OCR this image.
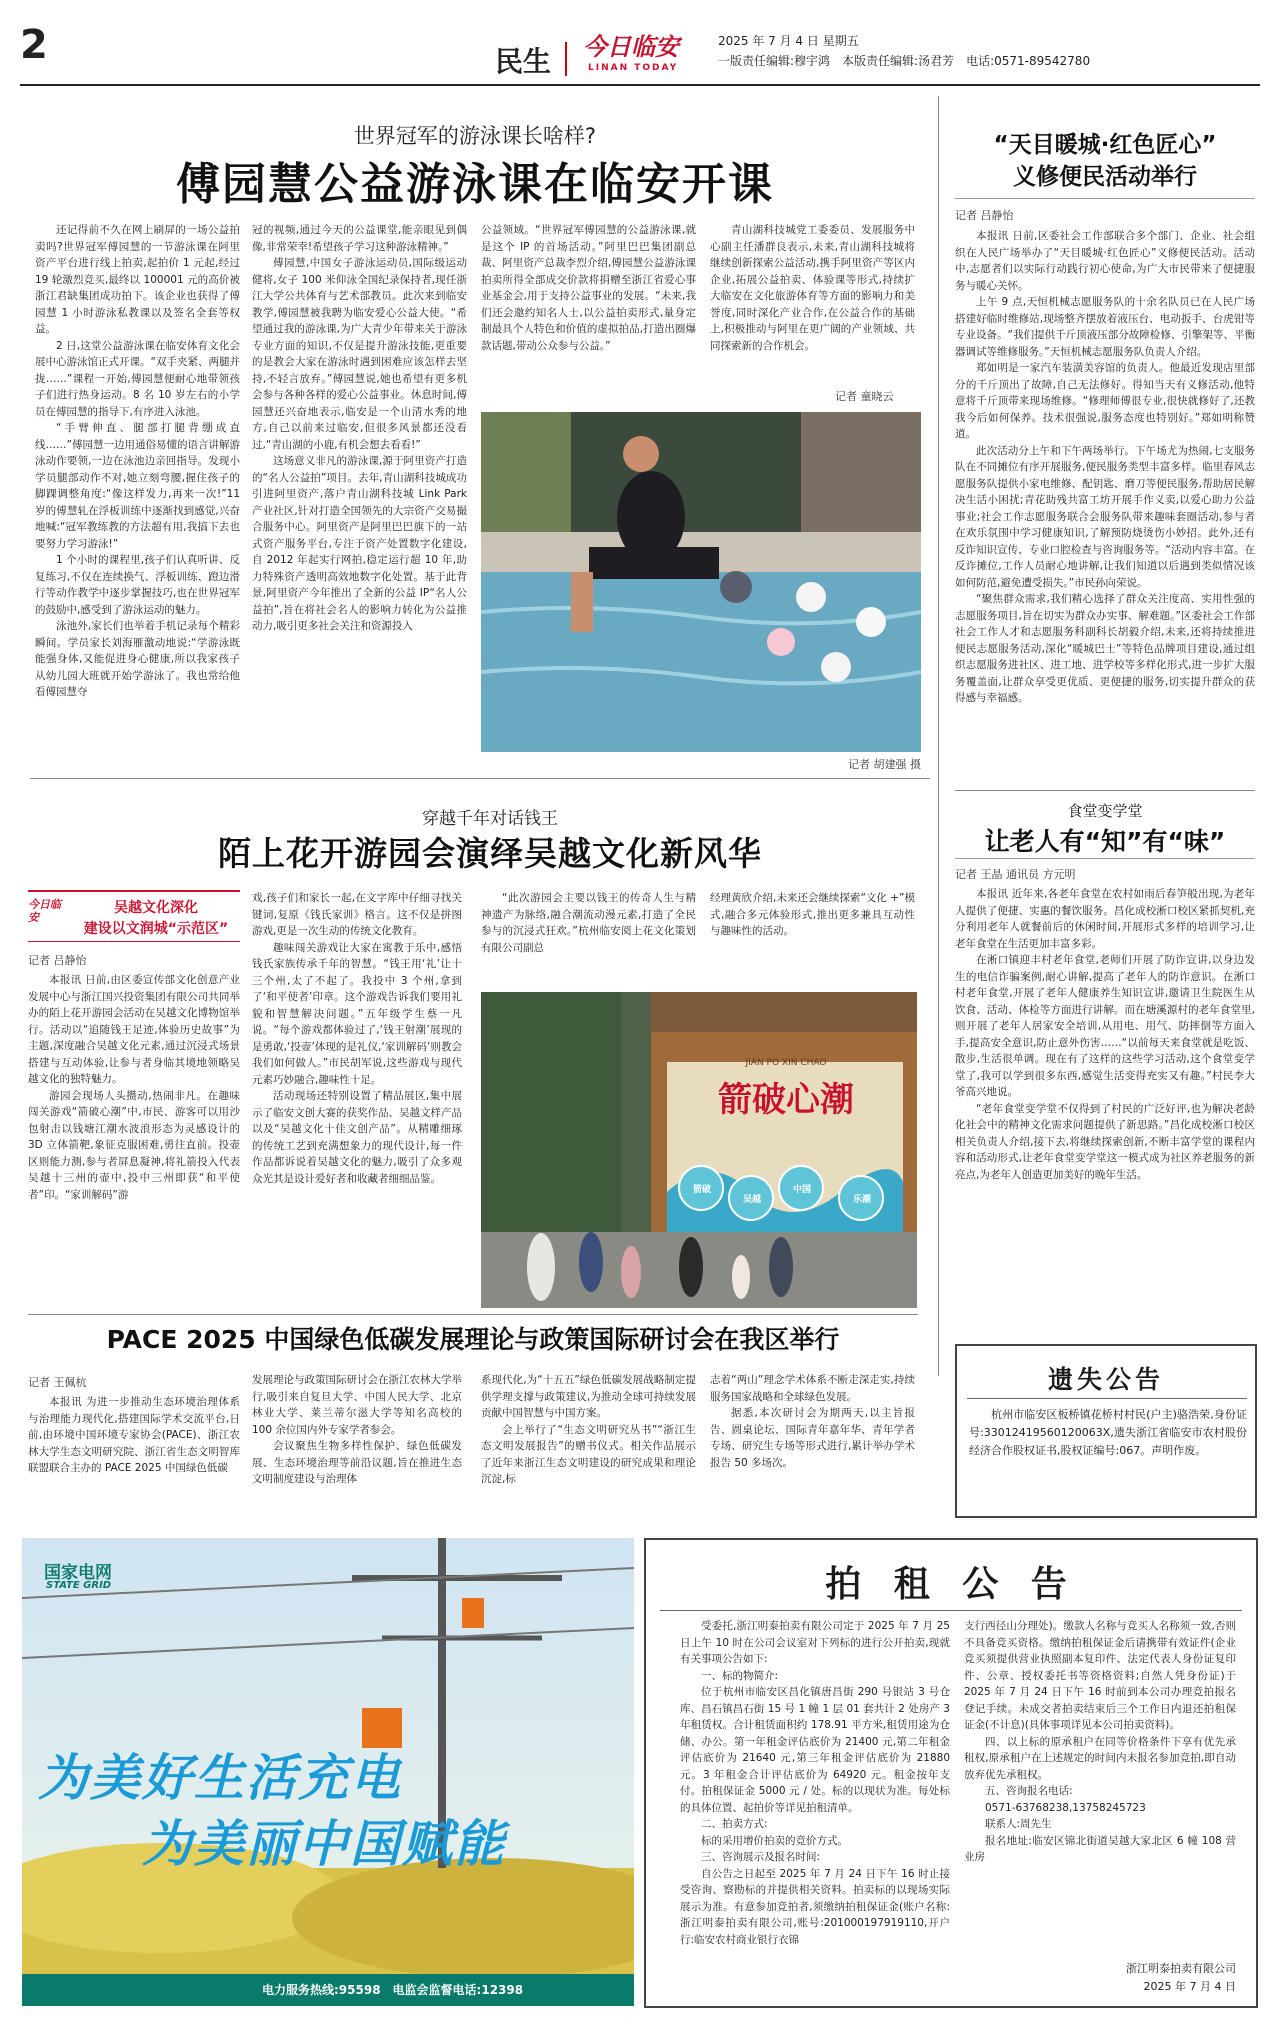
2	民生 今日临安
LINAN TODAY
2025 年 7 月 4 日 星期五
一版责任编辑:穆宇鸿　本版责任编辑:汤君芳　电话:0571-89542780
世界冠军的游泳课长啥样?
傅园慧公益游泳课在临安开课

还记得前不久在网上刷屏的一场公益拍卖吗?世界冠军傅园慧的一节游泳课在阿里资产平台进行线上拍卖,起拍价 1 元起,经过 19 轮激烈竞买,最终以 100001 元的高价被浙江君缺集团成功拍下。该企业也获得了傅园慧 1 小时游泳私教课以及签名全套等权益。

2 日,这堂公益游泳课在临安体育文化会展中心游泳馆正式开课。“双手夹紧、两腿并拢……”课程一开始,傅园慧便耐心地带领孩子们进行热身运动。8 名 10 岁左右的小学员在傅园慧的指导下,有序进入泳池。

“手臂伸直、腿部打腿背绷成直线……”傅园慧一边用通俗易懂的语言讲解游泳动作要领,一边在泳池边亲回指导。发现小学员腿部动作不对,她立刻弯腰,握住孩子的脚踝调整角度:“像这样发力,再来一次!”11 岁的傅慧轧在浮板训练中逐渐找到感觉,兴奋地喊:“冠军教练教的方法超有用,我搞下去也要努力学习游泳!”

1 个小时的课程里,孩子们认真听讲、反复练习,不仅在连续换气、浮板训练、蹬边滑行等动作教学中逐步掌握技巧,也在世界冠军的鼓励中,感受到了游泳运动的魅力。

泳池外,家长们也举着手机记录每个精彩瞬间。学员家长刘海雁激动地说:“学游泳既能强身体,又能促进身心健康,所以我家孩子从幼儿园大班就开始学游泳了。我也常给他看傅园慧夺

冠的视频,通过今天的公益课堂,能亲眼见到偶像,非常荣幸!希望孩子学习这种游泳精神。”

傅园慧,中国女子游泳运动员,国际级运动健将,女子 100 米仰泳全国纪录保持者,现任浙江大学公共体育与艺术部教员。此次来到临安教学,傅园慧被我聘为临安爱心公益大使。“希望通过我的游泳课,为广大青少年带来关于游泳专业方面的知识,不仅是提升游泳技能,更重要的是教会大家在游泳时遇到困难应该怎样去坚持,不轻言放弃。”傅园慧说,她也希望有更多机会参与各种各样的爱心公益事业。休息时间,傅园慧还兴奋地表示,临安是一个山清水秀的地方,自己以前来过临安,但很多风景都还没看过,“青山湖的小鹿,有机会想去看看!”

这场意义非凡的游泳课,源于阿里资产打造的“名人公益拍”项目。去年,青山湖科技城成功引进阿里资产,落户青山湖科技城 Link Park 产业社区,针对打造全国领先的大宗资产交易撮合服务中心。阿里资产是阿里巴巴旗下的一站式资产服务平台,专注于资产处置数字化建设,自 2012 年起实行网拍,稳定运行超 10 年,助力特殊资产透明高效地数字化处置。基于此背景,阿里资产今年推出了全新的公益 IP“名人公益拍”,旨在将社会名人的影响力转化为公益推动力,吸引更多社会关注和资源投入

公益领域。“世界冠军傅园慧的公益游泳课,就是这个 IP 的首场活动。”阿里巴巴集团副总裁、阿里资产总裁李烈介绍,傅园慧公益游泳课拍卖所得全部成交价款将捐赠至浙江省爱心事业基金会,用于支持公益事业的发展。“未来,我们还会邀约知名人士,以公益拍卖形式,量身定制最具个人特色和价值的虚拟拍品,打造出圈爆款话题,带动公众参与公益。”

青山湖科技城党工委委员、发展服务中心副主任潘群良表示,未来,青山湖科技城将继续创新探索公益活动,携手阿里资产等区内企业,拓展公益拍卖、体验课等形式,持续扩大临安在文化旅游体育等方面的影响力和美誉度,同时深化产业合作,在公益合作的基础上,积极推动与阿里在更广阔的产业领域、共同探索新的合作机会。

记者 童晓云
记者 胡建强 摄
“天目暖城·红色匠心”
义修便民活动举行
记者 吕静怡

本报讯 日前,区委社会工作部联合多个部门、企业、社会组织在人民广场举办了“天目暖城·红色匠心”义修便民活动。活动中,志愿者们以实际行动践行初心使命,为广大市民带来了便捷服务与暖心关怀。

上午 9 点,天恒机械志愿服务队的十余名队员已在人民广场搭建好临时维修站,现场整齐摆放着液压台、电动扳手、台虎钳等专业设备。“我们提供千斤顶液压部分故障检修、引擎架等、平衡器调试等维修服务。”天恒机械志愿服务队负责人介绍。

郑如明是一家汽车装潢美容馆的负责人。他最近发现店里部分的千斤顶出了故障,自己无法修好。得知当天有义修活动,他特意将千斤顶带来现场维修。“修理师傅很专业,很快就修好了,还教我今后如何保养。技术很强说,服务态度也特别好。”郑如明称赞道。

此次活动分上午和下午两场举行。下午场尤为热闹,七支服务队在不同摊位有序开展服务,便民服务类型丰富多样。临里春风志愿服务队提供小家电维修、配钥匙、磨刀等便民服务,帮助居民解决生活小困扰;青花助残共富工坊开展手作义卖,以爱心助力公益事业;社会工作志愿服务联合会服务队带来趣味套圈活动,参与者在欢乐氛围中学习健康知识,了解预防烧烫伤小妙招。此外,还有反诈知识宣传、专业口腔检查与咨询服务等。“活动内容丰富。在反诈摊位,工作人员耐心地讲解,让我们知道以后遇到类似情况该如何防范,避免遭受损失。”市民孙向荣说。

“聚焦群众需求,我们精心选择了群众关注度高、实用性强的志愿服务项目,旨在切实为群众办实事、解难题。”区委社会工作部社会工作人才和志愿服务科副科长胡毅介绍,未来,还将持续推进便民志愿服务活动,深化“暖城巴士”等特色品牌项目建设,通过组织志愿服务进社区、进工地、进学校等多样化形式,进一步扩大服务覆盖面,让群众享受更优质、更便捷的服务,切实提升群众的获得感与幸福感。

食堂变学堂
让老人有“知”有“味”
记者 王晶 通讯员 方元明

本报讯 近年来,各老年食堂在农村如雨后春笋般出现,为老年人提供了便捷、实惠的餐饮服务。昌化成校淅口校区紧抓契机,充分利用老年人就餐前后的休闲时间,开展形式多样的培训学习,让老年食堂在生活更加丰富多彩。

在淅口镇迎丰村老年食堂,老师们开展了防诈宣讲,以身边发生的电信诈骗案例,耐心讲解,提高了老年人的防诈意识。在淅口村老年食堂,开展了老年人健康养生知识宣讲,邀请卫生院医生从饮食、活动、体检等方面进行讲解。而在塘溪源村的老年食堂里,则开展了老年人居家安全培训,从用电、用气、防摔倒等方面入手,提高安全意识,防止意外伤害……“以前每天来食堂就是吃饭、散步,生活很单调。现在有了这样的这些学习活动,这个食堂变学堂了,我可以学到很多东西,感觉生活变得充实又有趣。”村民李大爷高兴地说。

“老年食堂变学堂不仅得到了村民的广泛好评,也为解决老龄化社会中的精神文化需求问题提供了新思路。”昌化成校淅口校区相关负责人介绍,接下去,将继续探索创新,不断丰富学堂的课程内容和活动形式,让老年食堂变学堂这一模式成为社区养老服务的新亮点,为老年人创造更加美好的晚年生活。

穿越千年对话钱王
陌上花开游园会演绎吴越文化新风华
今日临安
吴越文化深化
建设以文润城“示范区”
记者 吕静怡

本报讯 日前,由区委宣传部文化创意产业发展中心与浙江国兴投资集团有限公司共同举办的陌上花开游园会活动在吴越文化博物馆举行。活动以“追随钱王足迹,体验历史故事”为主题,深度融合吴越文化元素,通过沉浸式场景搭建与互动体验,让参与者身临其境地领略吴越文化的独特魅力。

游园会现场人头攒动,热闹非凡。在趣味闯关游戏“箭破心潮”中,市民、游客可以用沙包射击以钱塘江潮水波浪形态为灵感设计的 3D 立体箭靶,象征克服困难,勇往直前。投壶区则能力测,参与者屏息凝神,将礼箭投入代表吴越十三州的壶中,投中三州即获“和平使者”印。“家训解码”游

戏,孩子们和家长一起,在文字库中仔细寻找关键词,复原《钱氏家训》格言。这不仅是拼图游戏,更是一次生动的传统文化教育。

趣味闯关游戏让大家在寓教于乐中,感悟钱氏家族传承千年的智慧。“钱王用‘礼’让十三个州,太了不起了。我投中 3 个州,拿到了‘和平使者’印章。这个游戏告诉我们要用礼貌和智慧解决问题。”五年级学生蔡一凡说。“每个游戏都体验过了,‘钱王射潮’展现的是勇敢,‘投壶’体现的是礼仪,‘家训解码’则教会我们如何做人。”市民胡军说,这些游戏与现代元素巧妙融合,趣味性十足。

活动现场还特别设置了精品展区,集中展示了临安文创大赛的获奖作品、吴越文样产品以及“吴越文化十佳文创产品”。从精雕细琢的传统工艺到充满想象力的现代设计,每一件作品都诉说着吴越文化的魅力,吸引了众多观众光其是设计爱好者和收藏者细细品鉴。

“此次游园会主要以钱王的传奇人生与精神遗产为脉络,融合潮流动漫元素,打造了全民参与的沉浸式狂欢。”杭州临安阅上花文化策划有限公司副总

经理黄欣介绍,未来还会继续探索“文化 +”模式,融合多元体验形式,推出更多兼具互动性与趣味性的活动。

JIAN PO XIN CHAO
箭破心潮
箭破
吴越
中国
乐潮
PACE 2025 中国绿色低碳发展理论与政策国际研讨会在我区举行
记者 王佩杭

本报讯 为进一步推动生态环境治理体系与治理能力现代化,搭建国际学术交流平台,日前,由环境中国环境专家协会(PACE)、浙江农林大学生态文明研究院、浙江省生态文明智库联盟联合主办的 PACE 2025 中国绿色低碳

发展理论与政策国际研讨会在浙江农林大学举行,吸引来自复旦大学、中国人民大学、北京林业大学、莱兰蒂尔滋大学等知名高校的 100 余位国内外专家学者参会。

会议聚焦生物多样性保护、绿色低碳发展、生态环境治理等前沿议题,旨在推进生态文明制度建设与治理体

系现代化,为“十五五”绿色低碳发展战略制定提供学理支撑与政策建议,为推动全球可持续发展贡献中国智慧与中国方案。

会上举行了“生态文明研究丛书”“浙江生态文明发展报告”的赠书仪式。相关作品展示了近年来浙江生态文明建设的研究成果和理论沉淀,标

志着“两山”理念学术体系不断走深走实,持续服务国家战略和全球绿色发展。

据悉,本次研讨会为期两天,以主旨报告、圆桌论坛、国际青年嘉年华、青年学者专场、研究生专场等形式进行,累计举办学术报告 50 多场次。

遗失公告

杭州市临安区板桥镇花桥村村民(户主)骆浩荣,身份证号:33012419560120063X,遗失浙江省临安市农村股份经济合作股权证书,股权证编号:067。声明作废。

国家电网
STATE GRID
为美好生活充电
为美丽中国赋能
电力服务热线:95598　电监会监督电话:12398
拍 租 公 告

受委托,浙江明泰拍卖有限公司定于 2025 年 7 月 25 日上午 10 时在公司会议室对下列标的进行公开拍卖,现就有关事项公告如下:

一、标的物简介:

位于杭州市临安区昌化镇唐昌街 290 号银站 3 号仓库、昌石镇昌石街 15 号 1 幢 1 层 01 套共计 2 处房产 3 年租赁权。合计租赁面积约 178.91 平方米,租赁用途为仓储、办公。第一年租金评估底价为 21400 元,第二年租金评估底价为 21640 元,第三年租金评估底价为 21880 元。3 年租金合计评估底价为 64920 元。租金按年支付。拍租保证金 5000 元 / 处。标的以现状为准。每处标的具体位置、起拍价等详见拍租清单。

二、拍卖方式:

标的采用增价拍卖的竞价方式。

三、咨询展示及报名时间:

自公告之日起至 2025 年 7 月 24 日下午 16 时止接受咨询、察勘标的并提供相关资料。拍卖标的以现场实际展示为准。有意参加竞拍者,须缴纳拍租保证金(账户名称:浙江明泰拍卖有限公司,账号:201000197919110,开户行:临安农村商业银行衣锦

支行西径山分理处)。缴款人名称与竞买人名称须一致,否则不具备竞买资格。缴纳拍租保证金后请携带有效证件(企业竞买须提供营业执照副本复印件、法定代表人身份证复印件、公章、授权委托书等资格资料;自然人凭身份证)于 2025 年 7 月 24 日下午 16 时前到本公司办理竞拍报名登记手续。未成交者拍卖结束后三个工作日内退还拍租保证金(不计息)(具体事项详见本公司拍卖资料)。

四、以上标的原承租户在同等价格条件下享有优先承租权,原承租户在上述规定的时间内未报名参加竞拍,即自动放弃优先承租权。

五、咨询报名电话:

0571-63768238,13758245723

联系人:周先生

报名地址:临安区锦北街道吴越大家北区 6 幢 108 营业房

浙江明泰拍卖有限公司
2025 年 7 月 4 日
